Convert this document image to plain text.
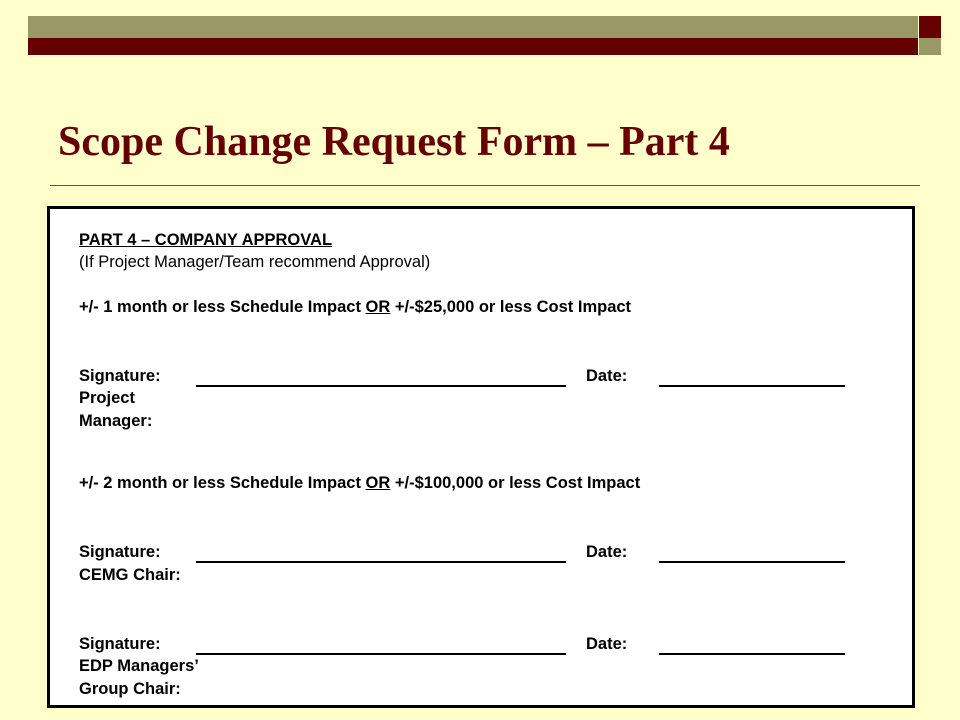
Scope Change Request Form – Part 4
PART 4 – COMPANY APPROVAL
(If Project Manager/Team recommend Approval)
+/- 1 month or less Schedule Impact OR +/-$25,000 or less Cost Impact
Signature:	Date:
Project
Manager:
+/- 2 month or less Schedule Impact OR +/-$100,000 or less Cost Impact
Signature:	Date:
CEMG Chair:
Signature:	Date:
EDP Managers’
Group Chair:
